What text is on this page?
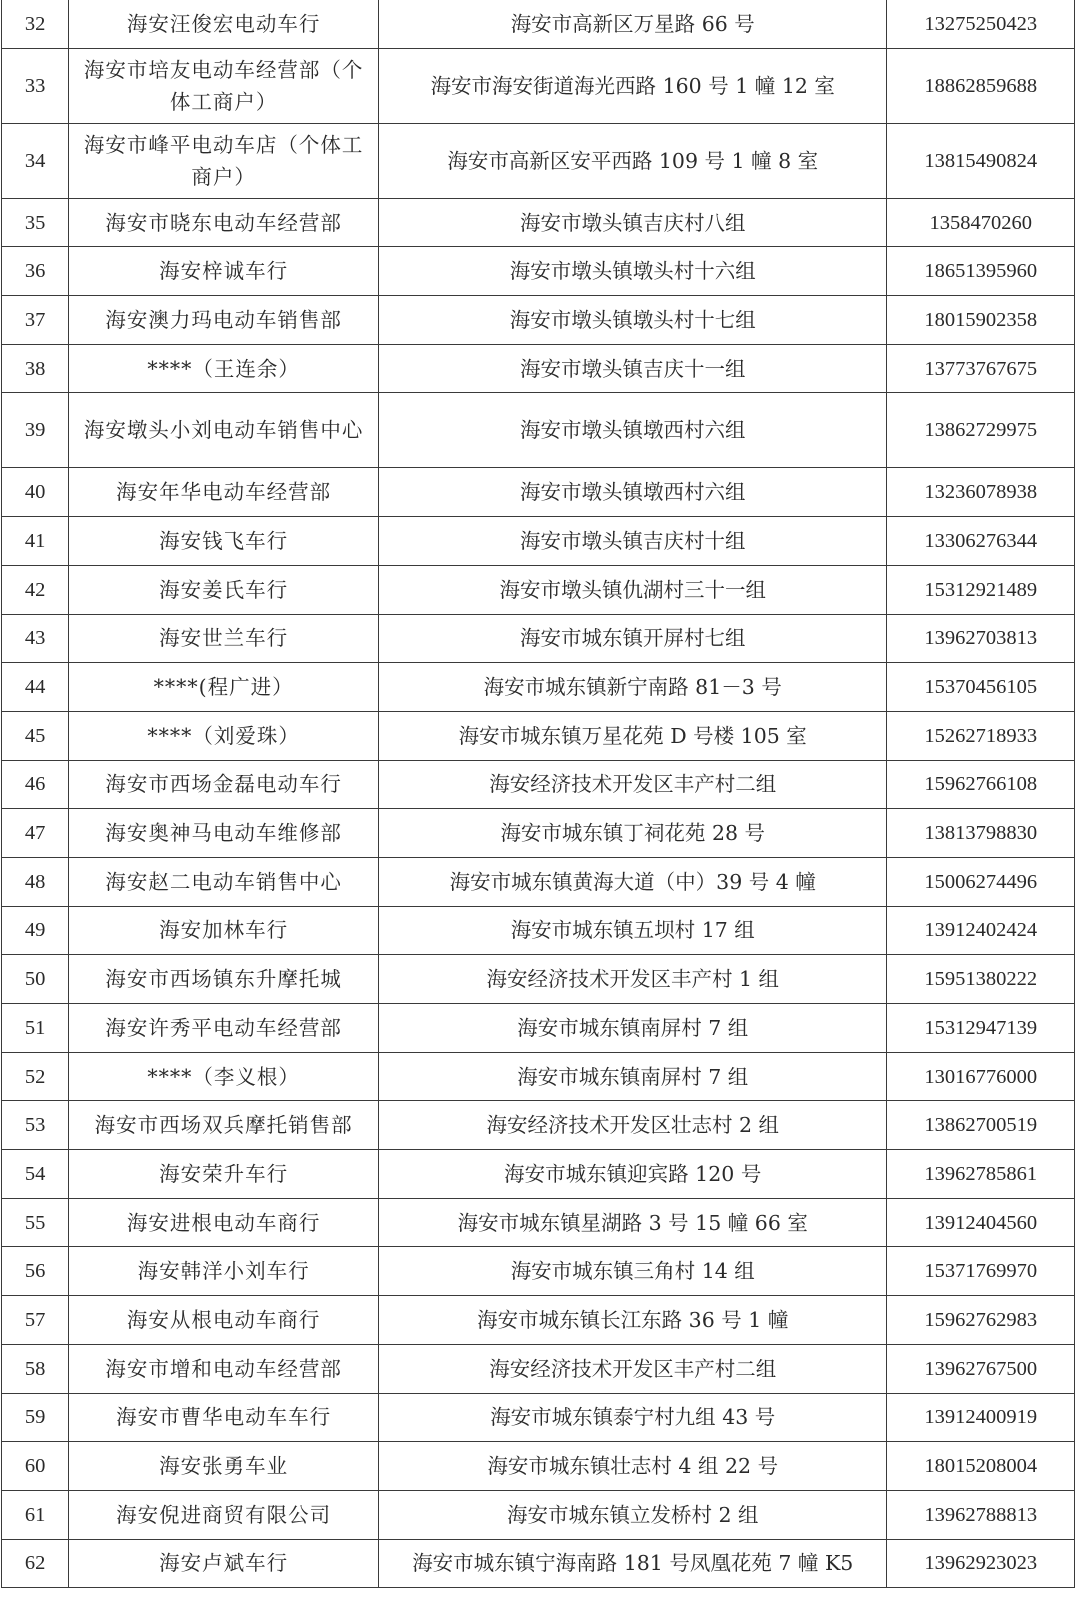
32	海安汪俊宏电动车行	海安市高新区万星路 66 号	13275250423
33	海安市培友电动车经营部（个体工商户）	海安市海安街道海光西路 160 号 1 幢 12 室	18862859688
34	海安市峰平电动车店（个体工商户）	海安市高新区安平西路 109 号 1 幢 8 室	13815490824
35	海安市晓东电动车经营部	海安市墩头镇吉庆村八组	1358470260
36	海安梓诚车行	海安市墩头镇墩头村十六组	18651395960
37	海安澳力玛电动车销售部	海安市墩头镇墩头村十七组	18015902358
38	****（王连余）	海安市墩头镇吉庆十一组	13773767675
39	海安墩头小刘电动车销售中心	海安市墩头镇墩西村六组	13862729975
40	海安年华电动车经营部	海安市墩头镇墩西村六组	13236078938
41	海安钱飞车行	海安市墩头镇吉庆村十组	13306276344
42	海安姜氏车行	海安市墩头镇仇湖村三十一组	15312921489
43	海安世兰车行	海安市城东镇开屏村七组	13962703813
44	****(程广进）	海安市城东镇新宁南路 81－3 号	15370456105
45	****（刘爱珠）	海安市城东镇万星花苑 D 号楼 105 室	15262718933
46	海安市西场金磊电动车行	海安经济技术开发区丰产村二组	15962766108
47	海安奥神马电动车维修部	海安市城东镇丁祠花苑 28 号	13813798830
48	海安赵二电动车销售中心	海安市城东镇黄海大道（中）39 号 4 幢	15006274496
49	海安加林车行	海安市城东镇五坝村 17 组	13912402424
50	海安市西场镇东升摩托城	海安经济技术开发区丰产村 1 组	15951380222
51	海安许秀平电动车经营部	海安市城东镇南屏村 7 组	15312947139
52	****（李义根）	海安市城东镇南屏村 7 组	13016776000
53	海安市西场双兵摩托销售部	海安经济技术开发区壮志村 2 组	13862700519
54	海安荣升车行	海安市城东镇迎宾路 120 号	13962785861
55	海安进根电动车商行	海安市城东镇星湖路 3 号 15 幢 66 室	13912404560
56	海安韩洋小刘车行	海安市城东镇三角村 14 组	15371769970
57	海安从根电动车商行	海安市城东镇长江东路 36 号 1 幢	15962762983
58	海安市增和电动车经营部	海安经济技术开发区丰产村二组	13962767500
59	海安市曹华电动车车行	海安市城东镇泰宁村九组 43 号	13912400919
60	海安张勇车业	海安市城东镇壮志村 4 组 22 号	18015208004
61	海安倪进商贸有限公司	海安市城东镇立发桥村 2 组	13962788813
62	海安卢斌车行	海安市城东镇宁海南路 181 号凤凰花苑 7 幢 K5	13962923023
